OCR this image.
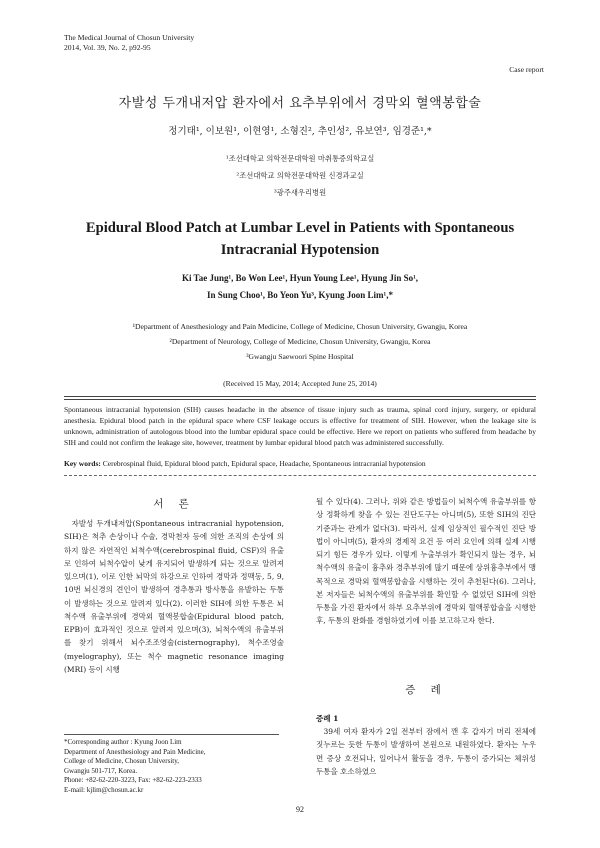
The Medical Journal of Chosun University
2014, Vol. 39, No. 2, p92-95
Case report
자발성 두개내저압 환자에서 요추부위에서 경막외 혈액봉합술
정기태¹, 이보원¹, 이현영¹, 소형진², 추인성², 유보연³, 임경준¹,*
¹조선대학교 의학전문대학원 마취통증의학교실
²조선대학교 의학전문대학원 신경과교실
³광주새우리병원
Epidural Blood Patch at Lumbar Level in Patients with Spontaneous
Intracranial Hypotension
Ki Tae Jung¹, Bo Won Lee¹, Hyun Young Lee¹, Hyung Jin So¹,
In Sung Choo¹, Bo Yeon Yu³, Kyung Joon Lim¹,*
¹Department of Anesthesiology and Pain Medicine, College of Medicine, Chosun University, Gwangju, Korea
²Department of Neurology, College of Medicine, Chosun University, Gwangju, Korea
³Gwangju Saewoori Spine Hospital
(Received 15 May, 2014; Accepted June 25, 2014)
Spontaneous intracranial hypotension (SIH) causes headache in the absence of tissue injury such as trauma, spinal cord injury, surgery, or epidural anesthesia. Epidural blood patch in the epidural space where CSF leakage occurs is effective for treatment of SIH. However, when the leakage site is unknown, administration of autologous blood into the lumbar epidural space could be effective. Here we report on patients who suffered from headache by SIH and could not confirm the leakage site, however, treatment by lumbar epidural blood patch was administered successfully.
Key words: Cerebrospinal fluid, Epidural blood patch, Epidural space, Headache, Spontaneous intracranial hypotension
서 론
자발성 두개내저압(Spontaneous intracranial hypotension, SIH)은 척추 손상이나 수술, 경막천자 등에 의한 조직의 손상에 의하지 않은 자연적인 뇌척수액(cerebrospinal fluid, CSF)의 유출로 인하여 뇌척수압이 낮게 유지되어 발생하게 되는 것으로 알려져 있으며(1), 이로 인한 뇌막의 하강으로 인하여 경막과 정맥동, 5, 9, 10번 뇌신경의 견인이 발생하여 경추통과 방사통을 유발하는 두통이 발생하는 것으로 알려져 있다(2). 이러한 SIH에 의한 두통은 뇌척수액 유출부위에 경막외 혈액봉합술(Epidural blood patch, EPB)이 효과적인 것으로 알려져 있으며(3), 뇌척수액의 유출부위를 찾기 위해서 뇌수조조영술(cisternography), 척수조영술(myelography), 또는 척수 magnetic resonance imaging (MRI) 등이 시행
*Corresponding author : Kyung Joon Lim
Department of Anesthesiology and Pain Medicine,
College of Medicine, Chosun University,
Gwangju 501-717, Korea.
Phone: +82-62-220-3223, Fax: +82-62-223-2333
E-mail: kjlim@chosun.ac.kr
될 수 있다(4). 그러나, 위와 같은 방법들이 뇌척수액 유출부위를 항상 정확하게 찾을 수 있는 진단도구는 아니며(5), 또한 SIH의 진단 기준과는 관계가 없다(3). 따라서, 실제 임상적인 필수적인 진단 방법이 아니며(5), 환자의 경제적 요건 등 여러 요인에 의해 실제 시행되기 힘든 경우가 있다. 이렇게 누출부위가 확인되지 않는 경우, 뇌척수액의 유출이 흉추와 경추부위에 많기 때문에 상위흉추부에서 맹목적으로 경막외 혈액봉합술을 시행하는 것이 추천된다(6). 그러나, 본 저자들은 뇌척수액의 유출부위를 확인할 수 없었던 SIH에 의한 두통을 가진 환자에서 하부 요추부위에 경막외 혈액봉합술을 시행한 후, 두통의 완화를 경험하였기에 이를 보고하고자 한다.
증 례
증례 1
39세 여자 환자가 2일 전부터 잠에서 깬 후 갑자기 머리 전체에 짓누르는 듯한 두통이 발생하여 본원으로 내원하였다. 환자는 누우면 증상 호전되나, 일어나서 활동을 경우, 두통이 증가되는 체위성 두통을 호소하였으
92
